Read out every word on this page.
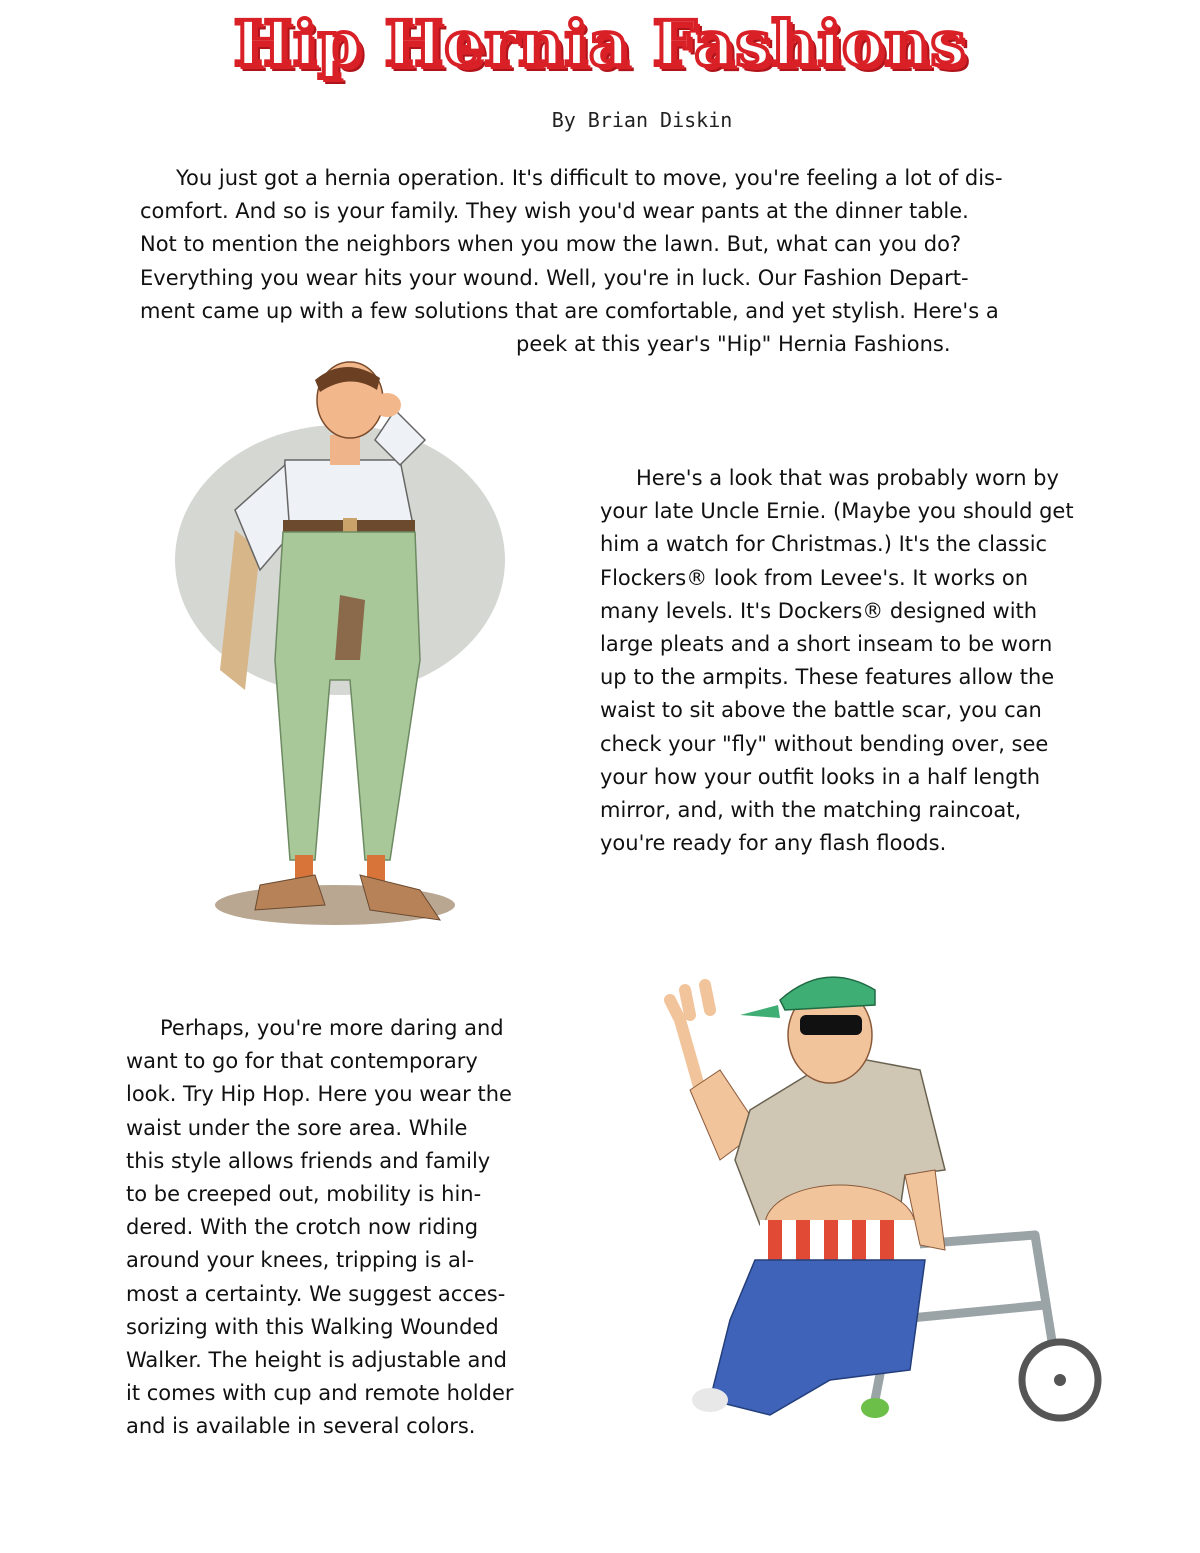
Hip Hernia Fashions
By Brian Diskin
You just got a hernia operation. It's difficult to move, you're feeling a lot of dis-
comfort. And so is your family. They wish you'd wear pants at the dinner table.
Not to mention the neighbors when you mow the lawn. But, what can you do?
Everything you wear hits your wound. Well, you're in luck. Our Fashion Depart-
ment came up with a few solutions that are comfortable, and yet stylish. Here's a
peek at this year's "Hip" Hernia Fashions.
Here's a look that was probably worn by
your late Uncle Ernie. (Maybe you should get
him a watch for Christmas.) It's the classic
Flockers® look from Levee's. It works on
many levels. It's Dockers® designed with
large pleats and a short inseam to be worn
up to the armpits. These features allow the
waist to sit above the battle scar, you can
check your "fly" without bending over, see
your how your outfit looks in a half length
mirror, and, with the matching raincoat,
you're ready for any flash floods.
Perhaps, you're more daring and
want to go for that contemporary
look. Try Hip Hop. Here you wear the
waist under the sore area. While
this style allows friends and family
to be creeped out, mobility is hin-
dered. With the crotch now riding
around your knees, tripping is al-
most a certainty. We suggest acces-
sorizing with this Walking Wounded
Walker. The height is adjustable and
it comes with cup and remote holder
and is available in several colors.
